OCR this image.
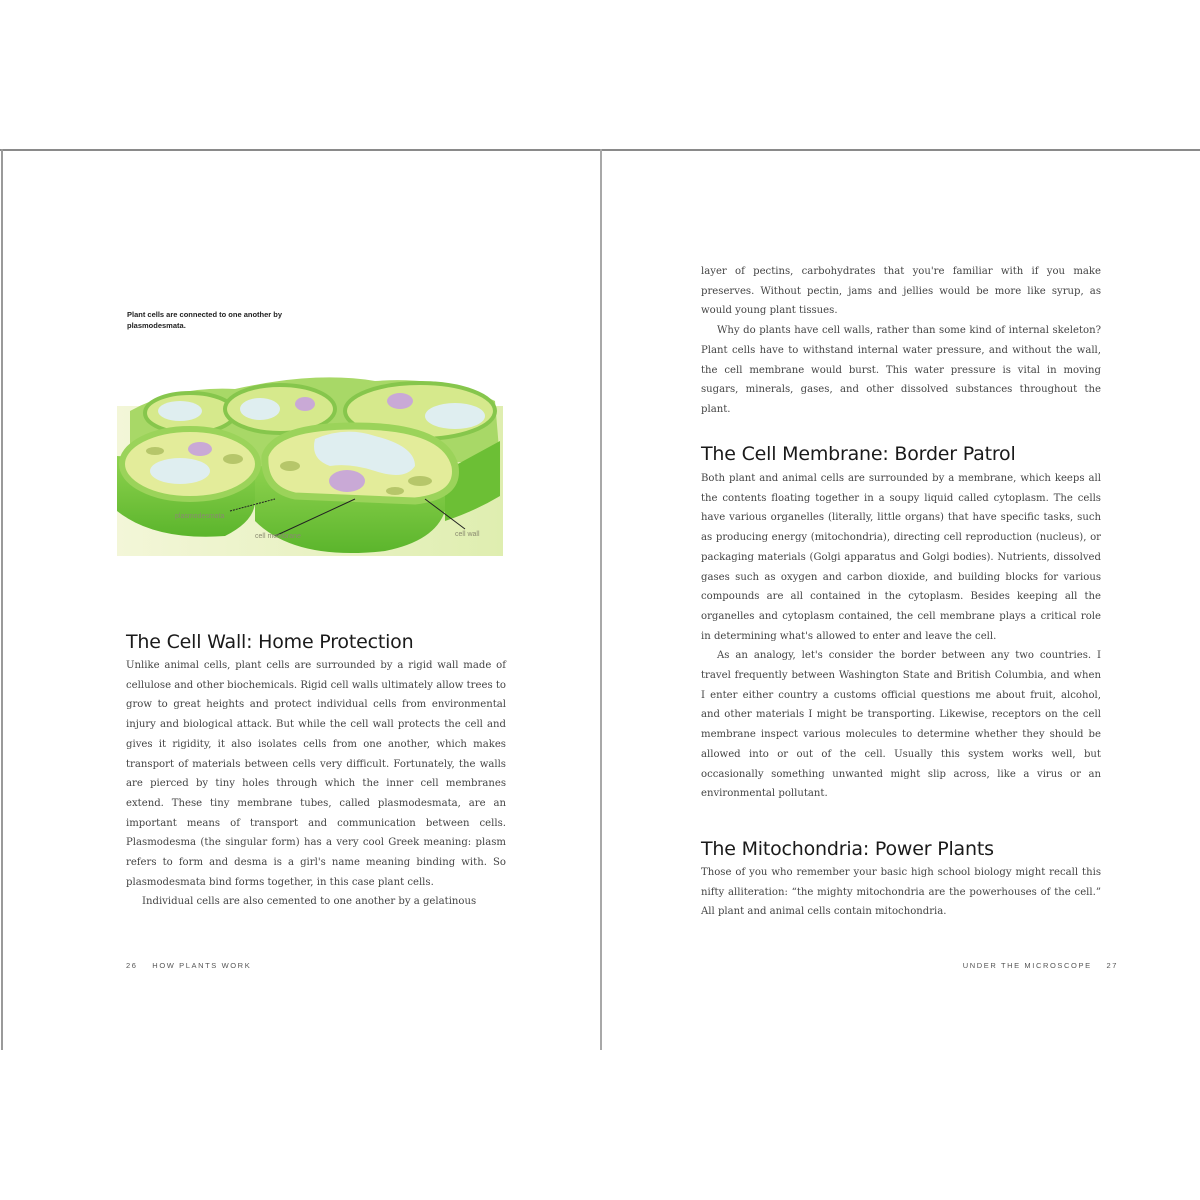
Plant cells are connected to one another by plasmodesmata.
plasmodesmata
cell membrane	cell wall
The Cell Wall: Home Protection

Unlike animal cells, plant cells are surrounded by a rigid wall made of cellulose and other biochemicals. Rigid cell walls ultimately allow trees to grow to great heights and protect individual cells from environmental injury and biological attack. But while the cell wall protects the cell and gives it rigidity, it also isolates cells from one another, which makes transport of materials between cells very difficult. Fortunately, the walls are pierced by tiny holes through which the inner cell membranes extend. These tiny membrane tubes, called plasmodesmata, are an important means of transport and communication between cells. Plasmodesma (the singular form) has a very cool Greek meaning: plasm refers to form and desma is a girl's name meaning binding with. So plasmodesmata bind forms together, in this case plant cells.

Individual cells are also cemented to one another by a gelatinous

26 HOW PLANTS WORK

layer of pectins, carbohydrates that you're familiar with if you make preserves. Without pectin, jams and jellies would be more like syrup, as would young plant tissues.

Why do plants have cell walls, rather than some kind of internal skeleton? Plant cells have to withstand internal water pressure, and without the wall, the cell membrane would burst. This water pressure is vital in moving sugars, minerals, gases, and other dissolved substances throughout the plant.

The Cell Membrane: Border Patrol

Both plant and animal cells are surrounded by a membrane, which keeps all the contents floating together in a soupy liquid called cytoplasm. The cells have various organelles (literally, little organs) that have specific tasks, such as producing energy (mitochondria), directing cell reproduction (nucleus), or packaging materials (Golgi apparatus and Golgi bodies). Nutrients, dissolved gases such as oxygen and carbon dioxide, and building blocks for various compounds are all contained in the cytoplasm. Besides keeping all the organelles and cytoplasm contained, the cell membrane plays a critical role in determining what's allowed to enter and leave the cell.

As an analogy, let's consider the border between any two countries. I travel frequently between Washington State and British Columbia, and when I enter either country a customs official questions me about fruit, alcohol, and other materials I might be transporting. Likewise, receptors on the cell membrane inspect various molecules to determine whether they should be allowed into or out of the cell. Usually this system works well, but occasionally something unwanted might slip across, like a virus or an environmental pollutant.

The Mitochondria: Power Plants

Those of you who remember your basic high school biology might recall this nifty alliteration: “the mighty mitochondria are the powerhouses of the cell.” All plant and animal cells contain mitochondria.

UNDER THE MICROSCOPE 27
